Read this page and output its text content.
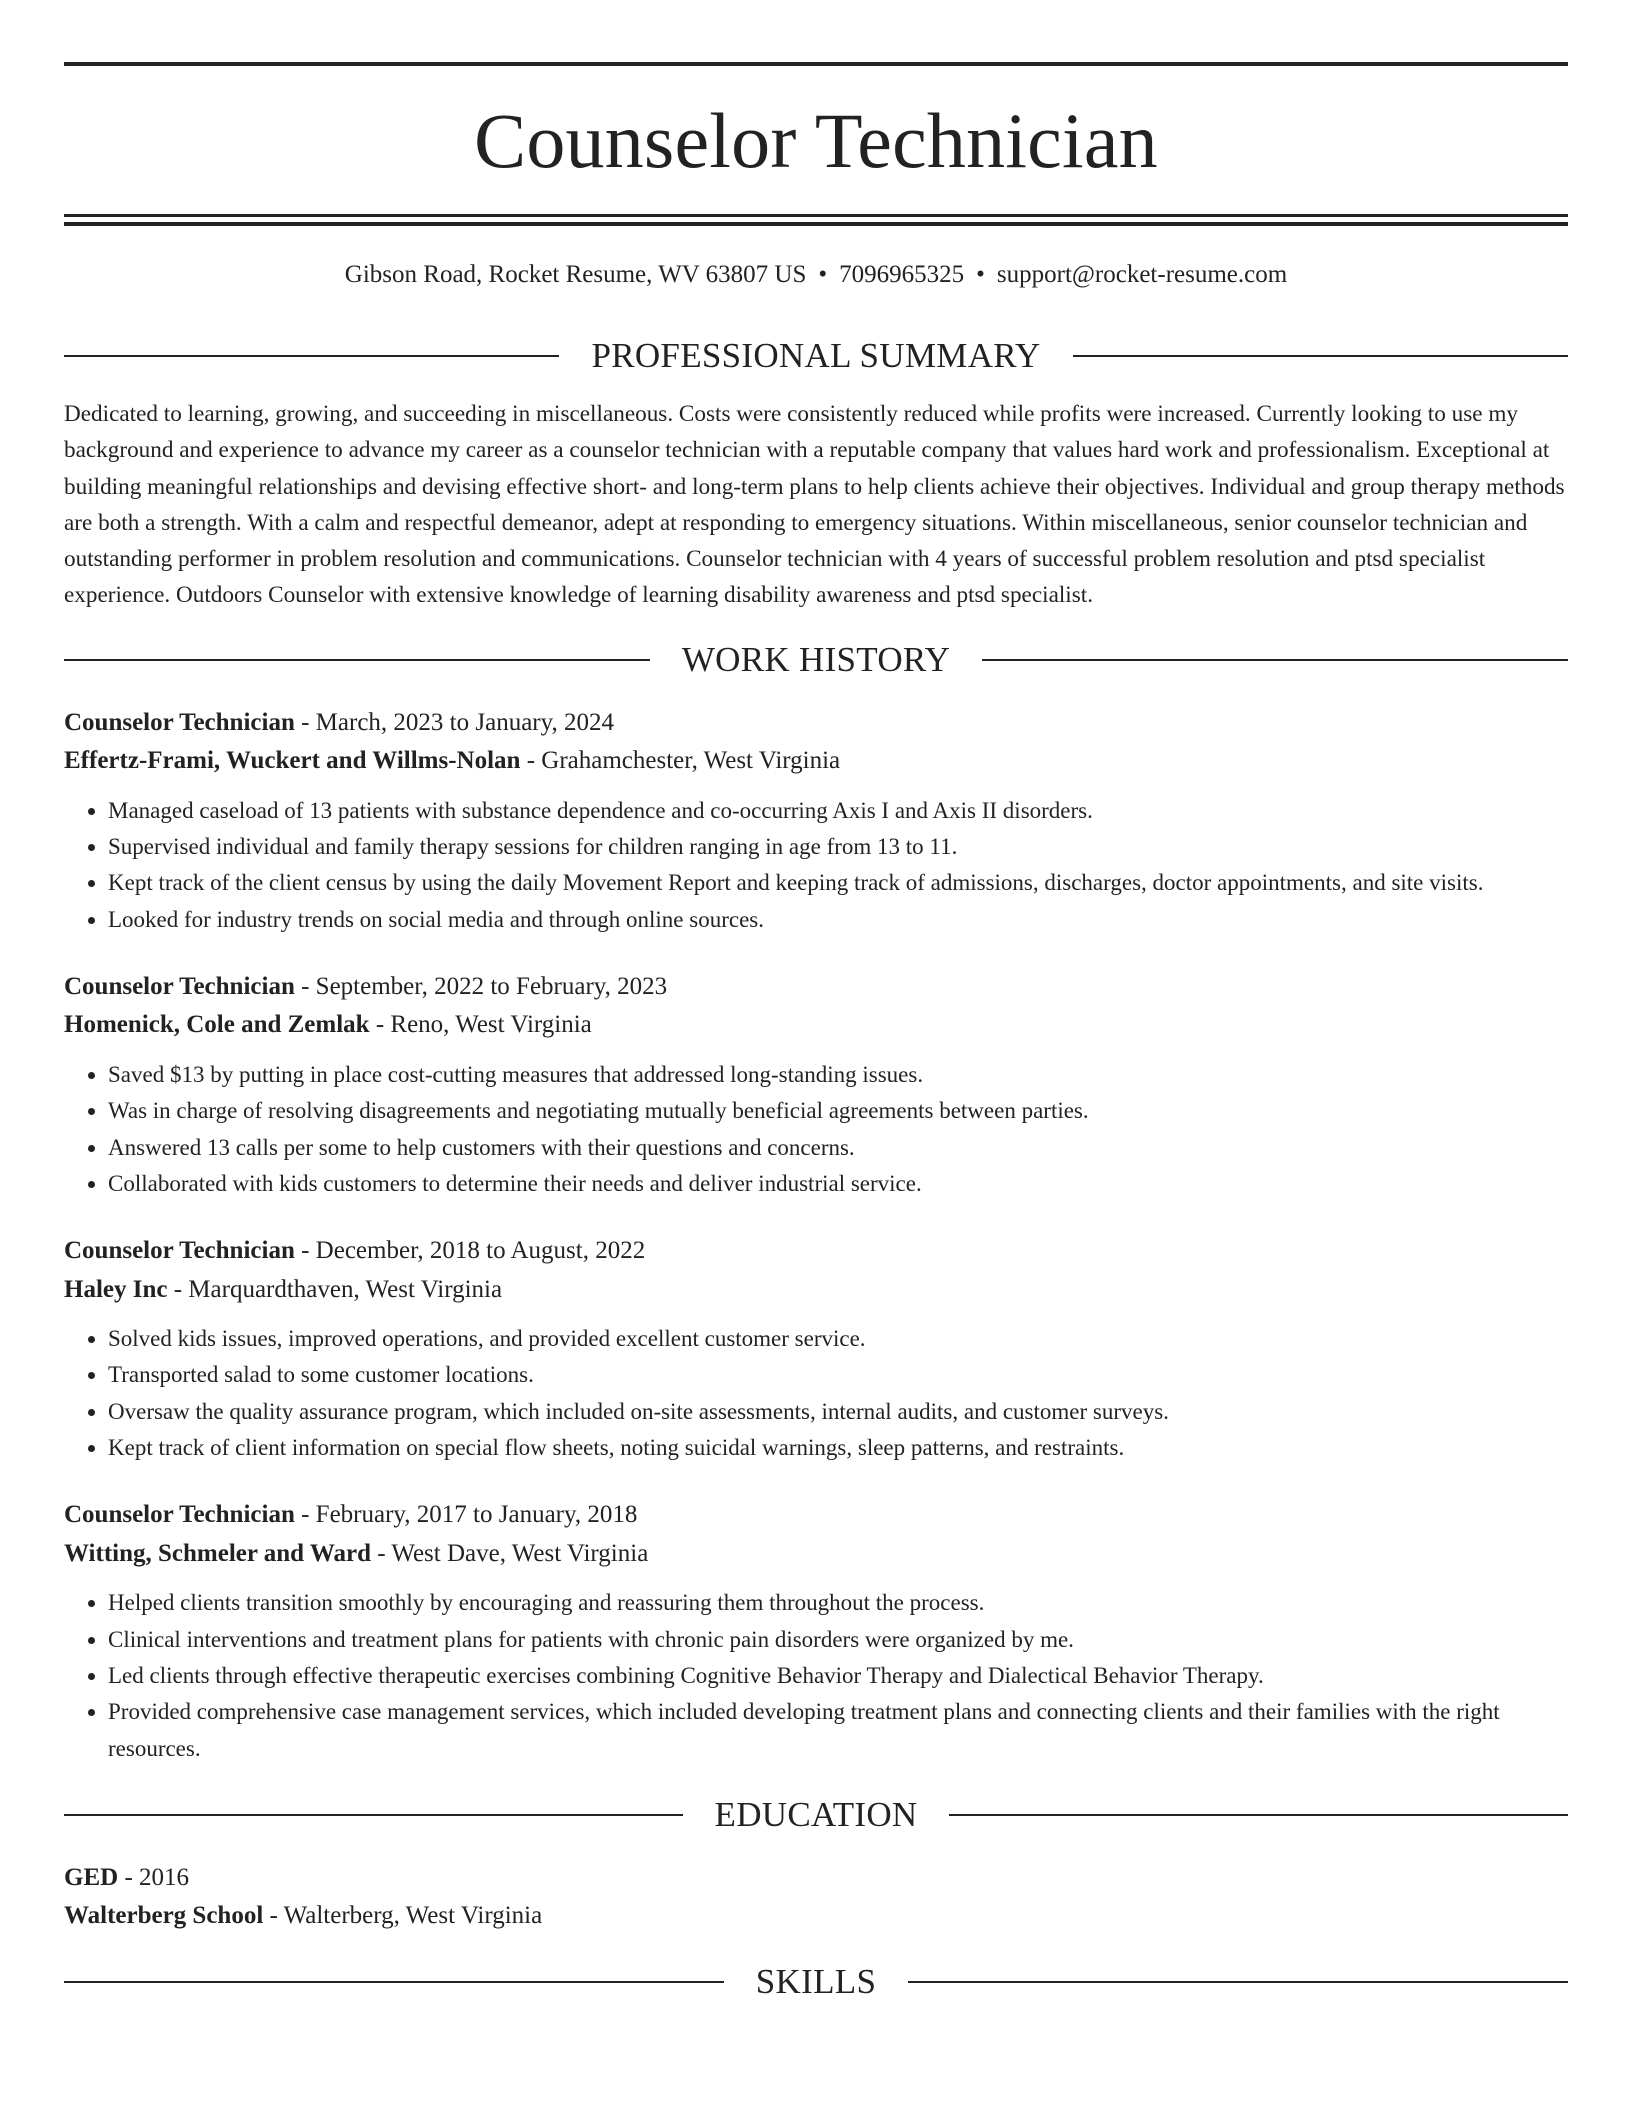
Counselor Technician
Gibson Road, Rocket Resume, WV 63807 US • 7096965325 • support@rocket-resume.com
PROFESSIONAL SUMMARY
Dedicated to learning, growing, and succeeding in miscellaneous. Costs were consistently reduced while profits were increased. Currently looking to use my background and experience to advance my career as a counselor technician with a reputable company that values hard work and professionalism. Exceptional at building meaningful relationships and devising effective short- and long-term plans to help clients achieve their objectives. Individual and group therapy methods are both a strength. With a calm and respectful demeanor, adept at responding to emergency situations. Within miscellaneous, senior counselor technician and outstanding performer in problem resolution and communications. Counselor technician with 4 years of successful problem resolution and ptsd specialist experience. Outdoors Counselor with extensive knowledge of learning disability awareness and ptsd specialist.
WORK HISTORY
Counselor Technician - March, 2023 to January, 2024
Effertz-Frami, Wuckert and Willms-Nolan - Grahamchester, West Virginia
• Managed caseload of 13 patients with substance dependence and co-occurring Axis I and Axis II disorders.
• Supervised individual and family therapy sessions for children ranging in age from 13 to 11.
• Kept track of the client census by using the daily Movement Report and keeping track of admissions, discharges, doctor appointments, and site visits.
• Looked for industry trends on social media and through online sources.
Counselor Technician - September, 2022 to February, 2023
Homenick, Cole and Zemlak - Reno, West Virginia
• Saved $13 by putting in place cost-cutting measures that addressed long-standing issues.
• Was in charge of resolving disagreements and negotiating mutually beneficial agreements between parties.
• Answered 13 calls per some to help customers with their questions and concerns.
• Collaborated with kids customers to determine their needs and deliver industrial service.
Counselor Technician - December, 2018 to August, 2022
Haley Inc - Marquardthaven, West Virginia
• Solved kids issues, improved operations, and provided excellent customer service.
• Transported salad to some customer locations.
• Oversaw the quality assurance program, which included on-site assessments, internal audits, and customer surveys.
• Kept track of client information on special flow sheets, noting suicidal warnings, sleep patterns, and restraints.
Counselor Technician - February, 2017 to January, 2018
Witting, Schmeler and Ward - West Dave, West Virginia
• Helped clients transition smoothly by encouraging and reassuring them throughout the process.
• Clinical interventions and treatment plans for patients with chronic pain disorders were organized by me.
• Led clients through effective therapeutic exercises combining Cognitive Behavior Therapy and Dialectical Behavior Therapy.
• Provided comprehensive case management services, which included developing treatment plans and connecting clients and their families with the right resources.
EDUCATION
GED - 2016
Walterberg School - Walterberg, West Virginia
SKILLS
